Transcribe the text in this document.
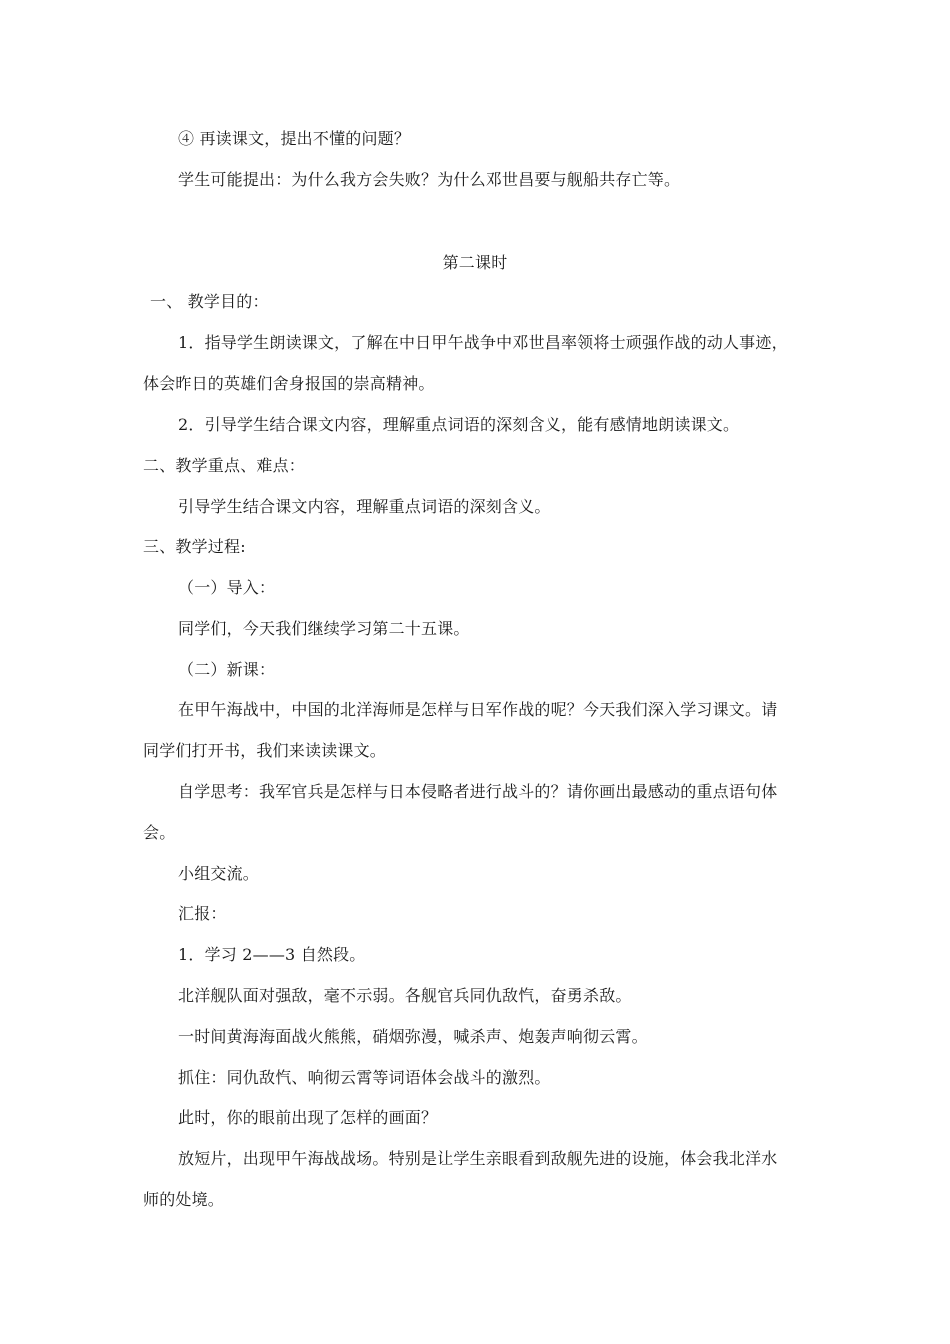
④ 再读课文，提出不懂的问题？
学生可能提出：为什么我方会失败？为什么邓世昌要与舰船共存亡等。
第二课时
一、 教学目的：
1．指导学生朗读课文，了解在中日甲午战争中邓世昌率领将士顽强作战的动人事迹，
体会昨日的英雄们舍身报国的崇高精神。
2．引导学生结合课文内容，理解重点词语的深刻含义，能有感情地朗读课文。
二、教学重点、难点：
引导学生结合课文内容，理解重点词语的深刻含义。
三、教学过程:
（一）导入：
同学们，今天我们继续学习第二十五课。
（二）新课：
在甲午海战中，中国的北洋海师是怎样与日军作战的呢？今天我们深入学习课文。请
同学们打开书，我们来读读课文。
自学思考：我军官兵是怎样与日本侵略者进行战斗的？请你画出最感动的重点语句体
会。
小组交流。
汇报：
1．学习 2——3 自然段。
北洋舰队面对强敌，毫不示弱。各舰官兵同仇敌忾，奋勇杀敌。
一时间黄海海面战火熊熊，硝烟弥漫，喊杀声、炮轰声响彻云霄。
抓住：同仇敌忾、响彻云霄等词语体会战斗的激烈。
此时，你的眼前出现了怎样的画面？
放短片，出现甲午海战战场。特别是让学生亲眼看到敌舰先进的设施，体会我北洋水
师的处境。
